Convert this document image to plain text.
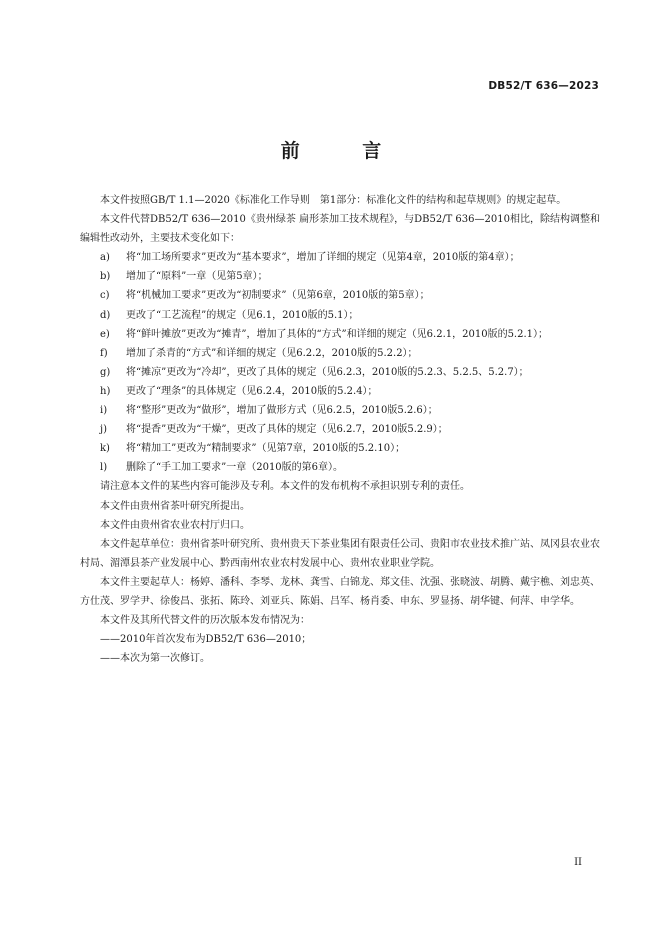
DB52/T 636—2023
前 言

本文件按照GB/T 1.1—2020《标准化工作导则　第1部分：标准化文件的结构和起草规则》的规定起草。

本文件代替DB52/T 636—2010《贵州绿茶 扁形茶加工技术规程》，与DB52/T 636—2010相比，除结构调整和编辑性改动外，主要技术变化如下：

a)	将“加工场所要求”更改为“基本要求”，增加了详细的规定（见第4章，2010版的第4章）；
b)	增加了“原料”一章（见第5章）；
c)	将“机械加工要求”更改为“初制要求”（见第6章，2010版的第5章）；
d)	更改了“工艺流程”的规定（见6.1，2010版的5.1）；
e)	将“鲜叶摊放”更改为“摊青”，增加了具体的“方式”和详细的规定（见6.2.1，2010版的5.2.1）；
f)	增加了杀青的“方式”和详细的规定（见6.2.2，2010版的5.2.2）；
g)	将“摊凉”更改为“冷却”，更改了具体的规定（见6.2.3，2010版的5.2.3、5.2.5、5.2.7）；
h)	更改了“理条”的具体规定（见6.2.4，2010版的5.2.4）；
i)	将“整形”更改为“做形”，增加了做形方式（见6.2.5，2010版5.2.6）；
j)	将“提香”更改为“干燥”，更改了具体的规定（见6.2.7，2010版5.2.9）；
k)	将“精加工”更改为“精制要求”（见第7章，2010版的5.2.10）；
l)	删除了“手工加工要求”一章（2010版的第6章）。

请注意本文件的某些内容可能涉及专利。本文件的发布机构不承担识别专利的责任。

本文件由贵州省茶叶研究所提出。

本文件由贵州省农业农村厅归口。

本文件起草单位：贵州省茶叶研究所、贵州贵天下茶业集团有限责任公司、贵阳市农业技术推广站、凤冈县农业农村局、湄潭县茶产业发展中心、黔西南州农业农村发展中心、贵州农业职业学院。

本文件主要起草人：杨婷、潘科、李琴、龙林、龚雪、白锦龙、郑文佳、沈强、张晓波、胡腾、戴宇樵、刘忠英、方仕茂、罗学尹、徐俊昌、张拓、陈玲、刘亚兵、陈娟、吕军、杨肖委、申东、罗显扬、胡华键、何萍、申学华。

本文件及其所代替文件的历次版本发布情况为：

——2010年首次发布为DB52/T 636—2010；

——本次为第一次修订。

II
